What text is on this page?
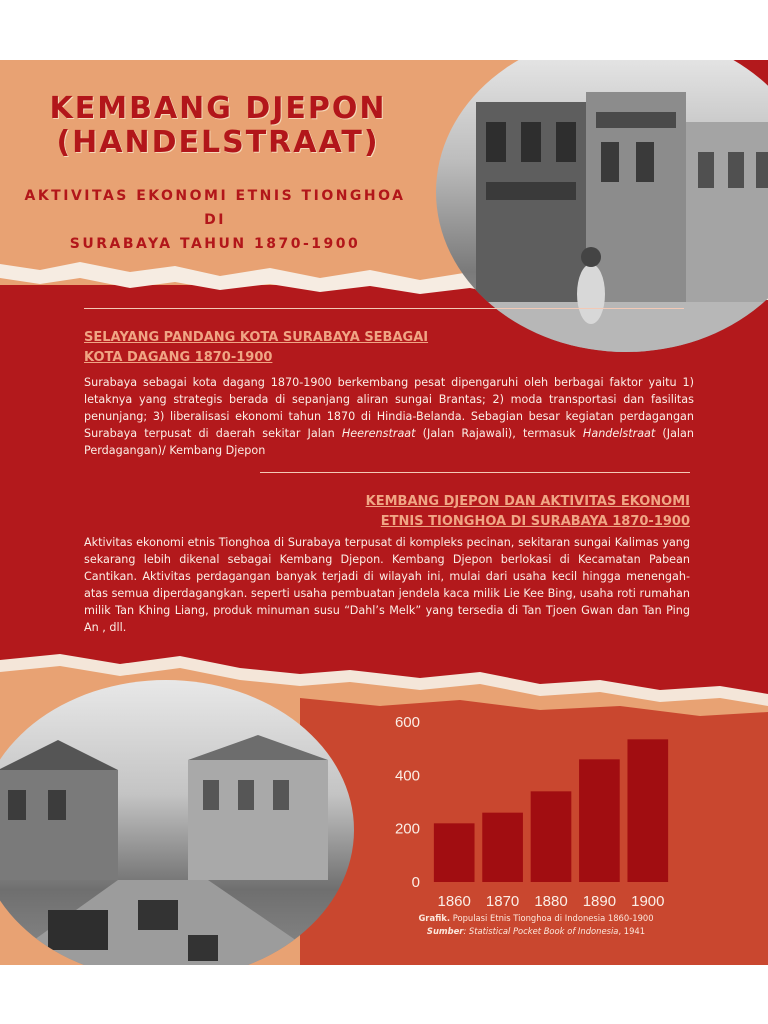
KEMBANG DJEPON
(HANDELSTRAAT)
AKTIVITAS EKONOMI ETNIS TIONGHOA DI
SURABAYA TAHUN 1870-1900
SELAYANG PANDANG KOTA SURABAYA SEBAGAI
KOTA DAGANG 1870-1900

Surabaya sebagai kota dagang 1870-1900 berkembang pesat dipengaruhi oleh berbagai faktor yaitu 1) letaknya yang strategis berada di sepanjang aliran sungai Brantas; 2) moda transportasi dan fasilitas penunjang; 3) liberalisasi ekonomi tahun 1870 di Hindia-Belanda. Sebagian besar kegiatan perdagangan Surabaya terpusat di daerah sekitar Jalan Heerenstraat (Jalan Rajawali), termasuk Handelstraat (Jalan Perdagangan)/ Kembang Djepon

KEMBANG DJEPON DAN AKTIVITAS EKONOMI
ETNIS TIONGHOA DI SURABAYA 1870-1900

Aktivitas ekonomi etnis Tionghoa di Surabaya terpusat di kompleks pecinan, sekitaran sungai Kalimas yang sekarang lebih dikenal sebagai Kembang Djepon. Kembang Djepon berlokasi di Kecamatan Pabean Cantikan. Aktivitas perdagangan banyak terjadi di wilayah ini, mulai dari usaha kecil hingga menengah-atas semua diperdagangkan. seperti usaha pembuatan jendela kaca milik Lie Kee Bing, usaha roti rumahan milik Tan Khing Liang, produk minuman susu “Dahl’s Melk” yang tersedia di Tan Tjoen Gwan dan Tan Ping An , dll.

0
200
400
600
1860 1870 1880 1890 1900

Grafik. Populasi Etnis Tionghoa di Indonesia 1860-1900

Sumber: Statistical Pocket Book of Indonesia, 1941
